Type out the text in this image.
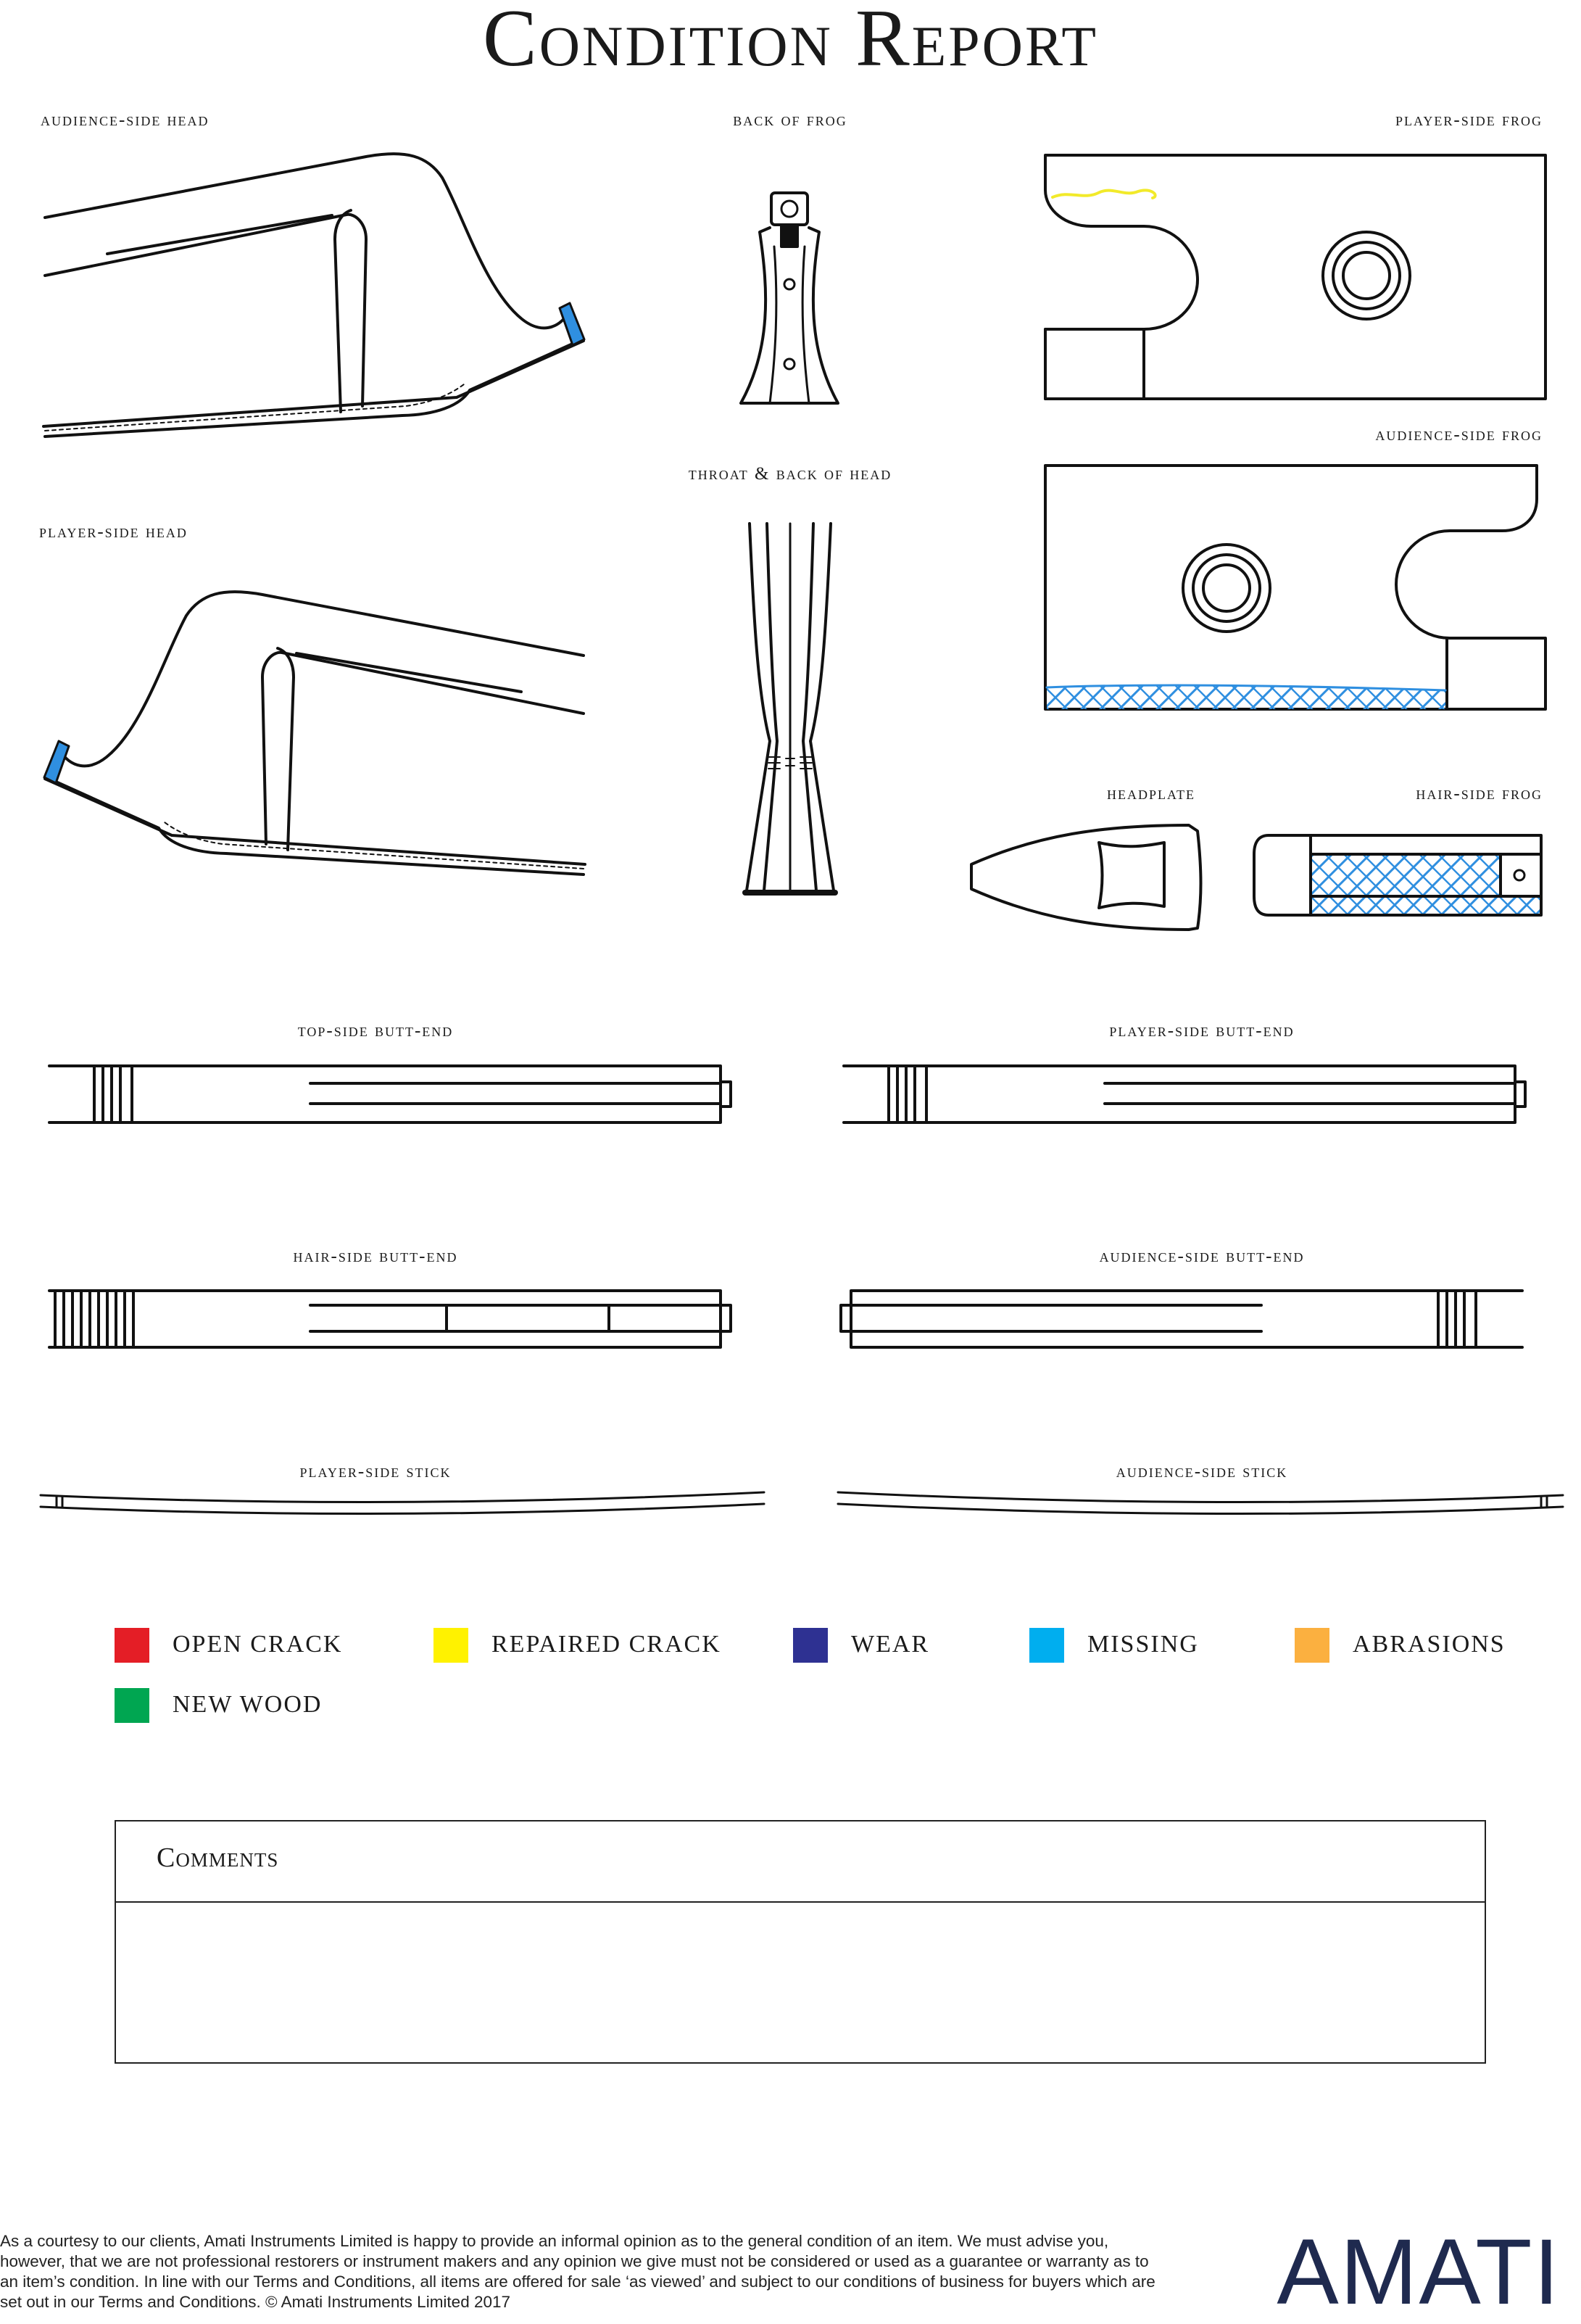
Condition Report
audience-side head	back of frog	player-side frog
audience-side frog
throat & back of head
player-side head
headplate	hair-side frog
top-side butt-end	player-side butt-end
hair-side butt-end	audience-side butt-end
player-side stick	audience-side stick
OPEN CRACK	REPAIRED CRACK	WEAR	MISSING	ABRASIONS
NEW WOOD
Comments
As a courtesy to our clients, Amati Instruments Limited is happy to provide an informal opinion as to the general condition of an item. We must advise you, however, that we are not professional restorers or instrument makers and any opinion we give must not be considered or used as a guarantee or warranty as to an item’s condition. In line with our Terms and Conditions, all items are offered for sale ‘as viewed’ and subject to our conditions of business for buyers which are set out in our Terms and Conditions. © Amati Instruments Limited 2017	AMATI
